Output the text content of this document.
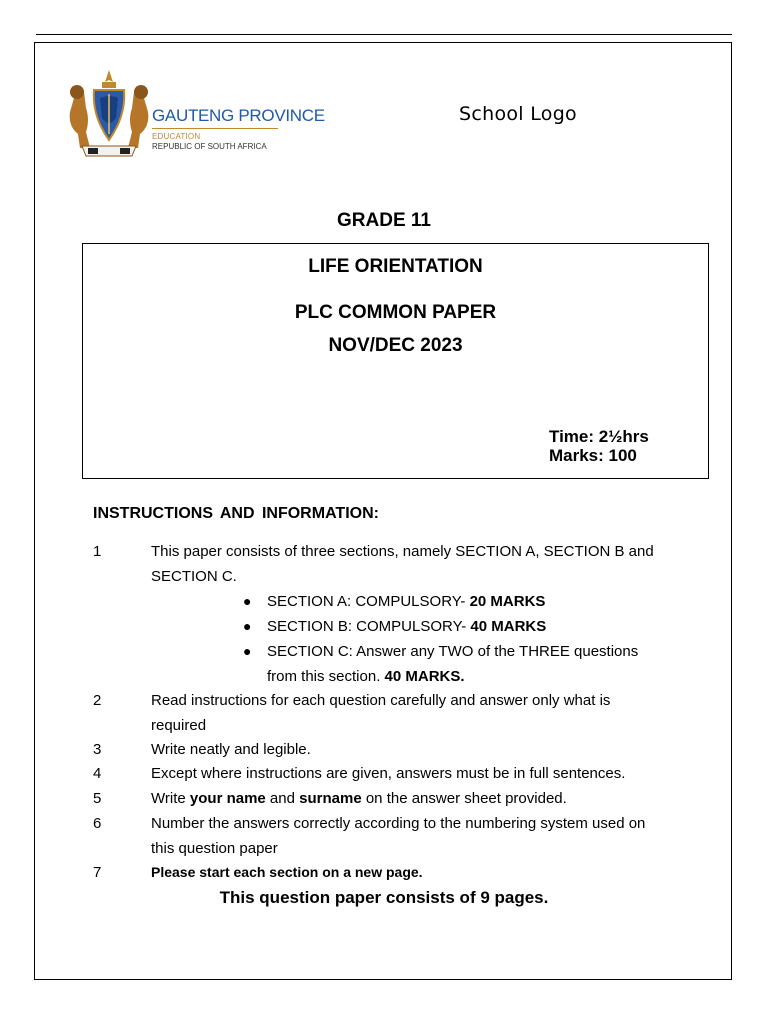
GAUTENG PROVINCE
EDUCATION
REPUBLIC OF SOUTH AFRICA
School Logo
GRADE 11
LIFE ORIENTATION
PLC COMMON PAPER
NOV/DEC 2023
Time: 2½hrs
Marks: 100
INSTRUCTIONS AND INFORMATION:
1	This paper consists of three sections, namely SECTION A, SECTION B and
SECTION C.
● SECTION A: COMPULSORY- 20 MARKS
● SECTION B: COMPULSORY- 40 MARKS
● SECTION C: Answer any TWO of the THREE questions
from this section. 40 MARKS.
2	Read instructions for each question carefully and answer only what is
required
3	Write neatly and legible.
4	Except where instructions are given, answers must be in full sentences.
5	Write your name and surname on the answer sheet provided.
6	Number the answers correctly according to the numbering system used on
this question paper
7	Please start each section on a new page.
This question paper consists of 9 pages.
